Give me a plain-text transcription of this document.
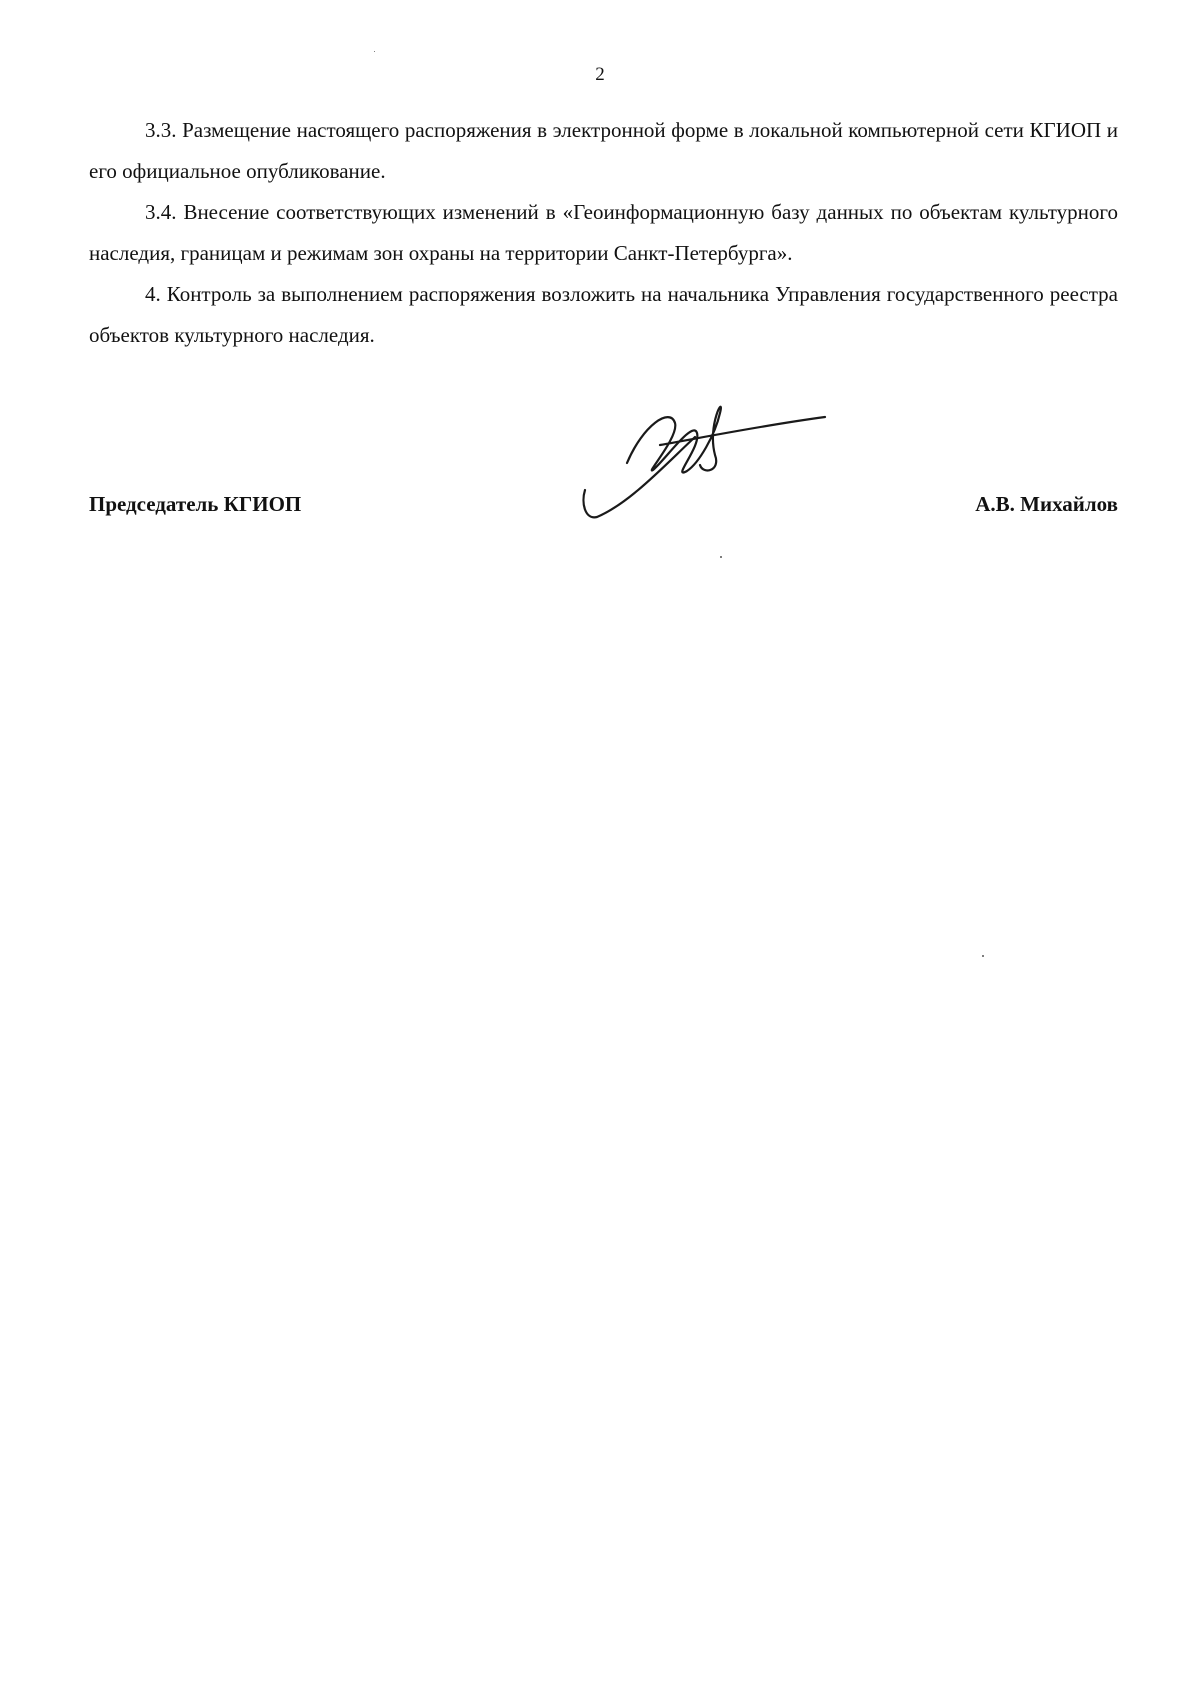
2

3.3. Размещение настоящего распоряжения в электронной форме в локальной компьютерной сети КГИОП и его официальное опубликование.

3.4. Внесение соответствующих изменений в «Геоинформационную базу данных по объектам культурного наследия, границам и режимам зон охраны на территории Санкт-Петербурга».

4. Контроль за выполнением распоряжения возложить на начальника Управления государственного реестра объектов культурного наследия.

Председатель КГИОП	А.В. Михайлов
